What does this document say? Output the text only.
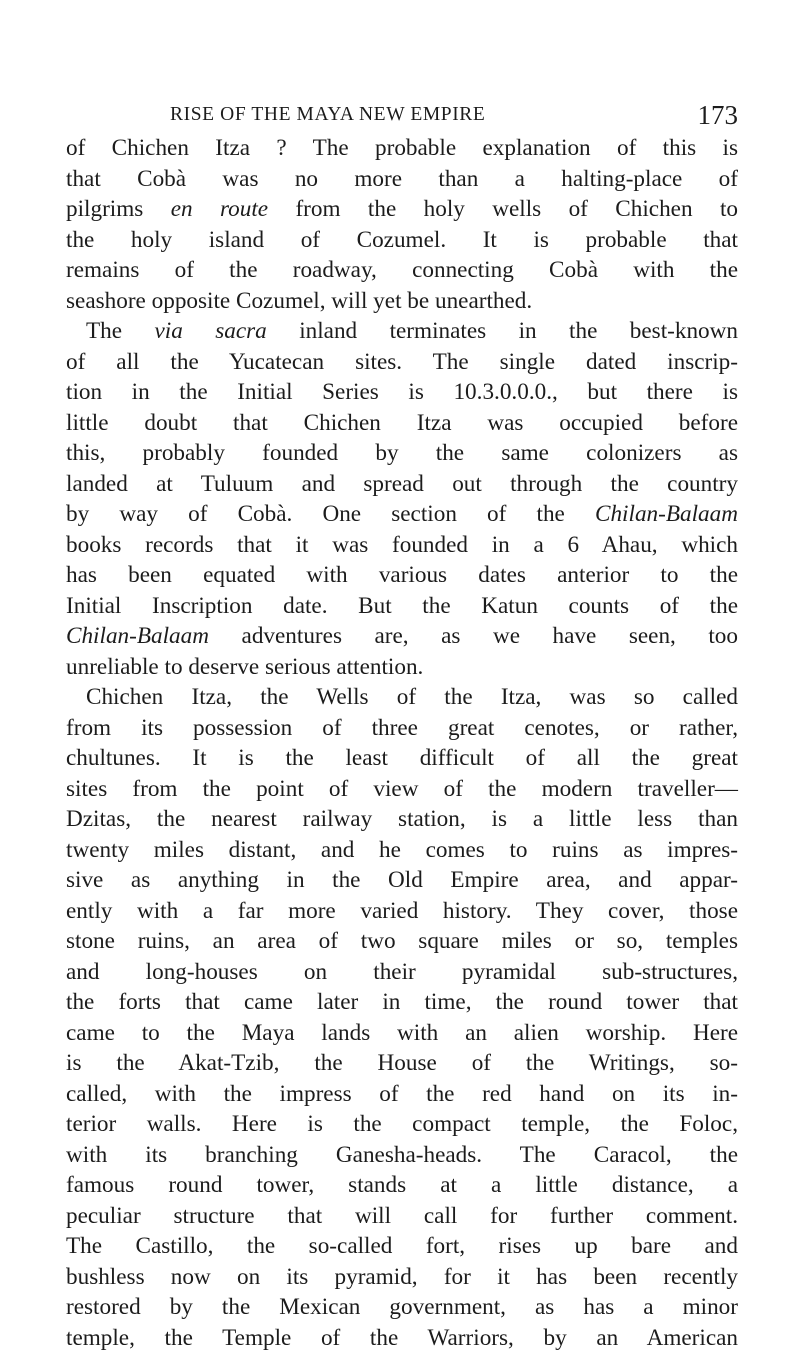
RISE OF THE MAYA NEW EMPIRE	173
of Chichen Itza ? The probable explanation of this is
that Cobà was no more than a halting-place of
pilgrims en route from the holy wells of Chichen to
the holy island of Cozumel. It is probable that
remains of the roadway, connecting Cobà with the
seashore opposite Cozumel, will yet be unearthed.
The via sacra inland terminates in the best-known
of all the Yucatecan sites. The single dated inscrip-
tion in the Initial Series is 10.3.0.0.0., but there is
little doubt that Chichen Itza was occupied before
this, probably founded by the same colonizers as
landed at Tuluum and spread out through the country
by way of Cobà. One section of the Chilan-Balaam
books records that it was founded in a 6 Ahau, which
has been equated with various dates anterior to the
Initial Inscription date. But the Katun counts of the
Chilan-Balaam adventures are, as we have seen, too
unreliable to deserve serious attention.
Chichen Itza, the Wells of the Itza, was so called
from its possession of three great cenotes, or rather,
chultunes. It is the least difficult of all the great
sites from the point of view of the modern traveller—
Dzitas, the nearest railway station, is a little less than
twenty miles distant, and he comes to ruins as impres-
sive as anything in the Old Empire area, and appar-
ently with a far more varied history. They cover, those
stone ruins, an area of two square miles or so, temples
and long-houses on their pyramidal sub-structures,
the forts that came later in time, the round tower that
came to the Maya lands with an alien worship. Here
is the Akat-Tzib, the House of the Writings, so-
called, with the impress of the red hand on its in-
terior walls. Here is the compact temple, the Foloc,
with its branching Ganesha-heads. The Caracol, the
famous round tower, stands at a little distance, a
peculiar structure that will call for further comment.
The Castillo, the so-called fort, rises up bare and
bushless now on its pyramid, for it has been recently
restored by the Mexican government, as has a minor
temple, the Temple of the Warriors, by an American
